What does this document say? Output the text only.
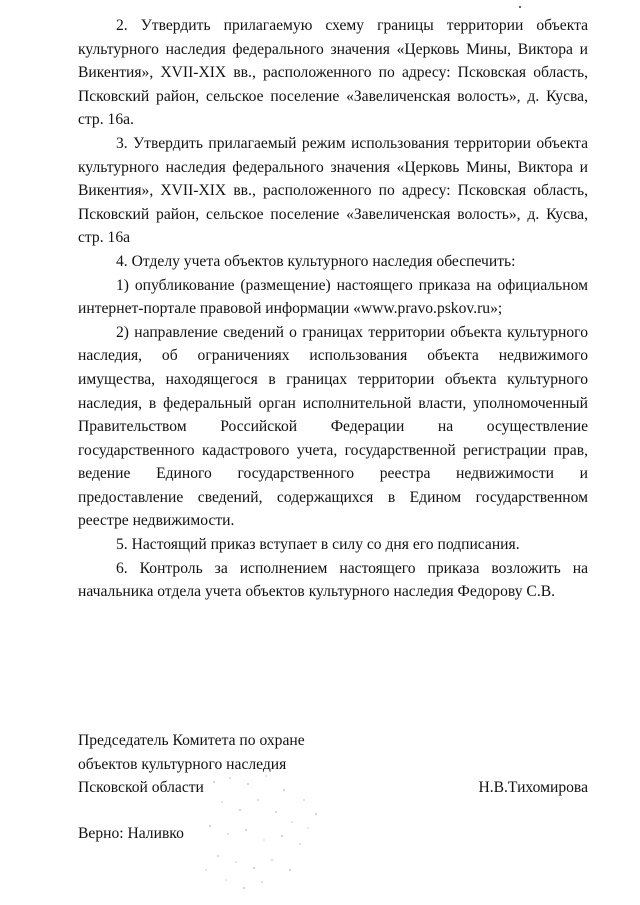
2. Утвердить прилагаемую схему границы территории объекта культурного наследия федерального значения «Церковь Мины, Виктора и Викентия», XVII-XIX вв., расположенного по адресу: Псковская область, Псковский район, сельское поселение «Завеличенская волость», д. Кусва, стр. 16а.

3. Утвердить прилагаемый режим использования территории объекта культурного наследия федерального значения «Церковь Мины, Виктора и Викентия», XVII-XIX вв., расположенного по адресу: Псковская область, Псковский район, сельское поселение «Завеличенская волость», д. Кусва, стр. 16а

4. Отделу учета объектов культурного наследия обеспечить:

1) опубликование (размещение) настоящего приказа на официальном интернет-портале правовой информации «www.pravo.pskov.ru»;

2) направление сведений о границах территории объекта культурного наследия, об ограничениях использования объекта недвижимого имущества, находящегося в границах территории объекта культурного наследия, в федеральный орган исполнительной власти, уполномоченный Правительством Российской Федерации на осуществление государственного кадастрового учета, государственной регистрации прав, ведение Единого государственного реестра недвижимости и предоставление сведений, содержащихся в Едином государственном реестре недвижимости.

5. Настоящий приказ вступает в силу со дня его подписания.

6. Контроль за исполнением настоящего приказа возложить на начальника отдела учета объектов культурного наследия Федорову С.В.

Председатель Комитета по охране
объектов культурного наследия
Псковской области	Н.В.Тихомирова
Верно: Наливко
